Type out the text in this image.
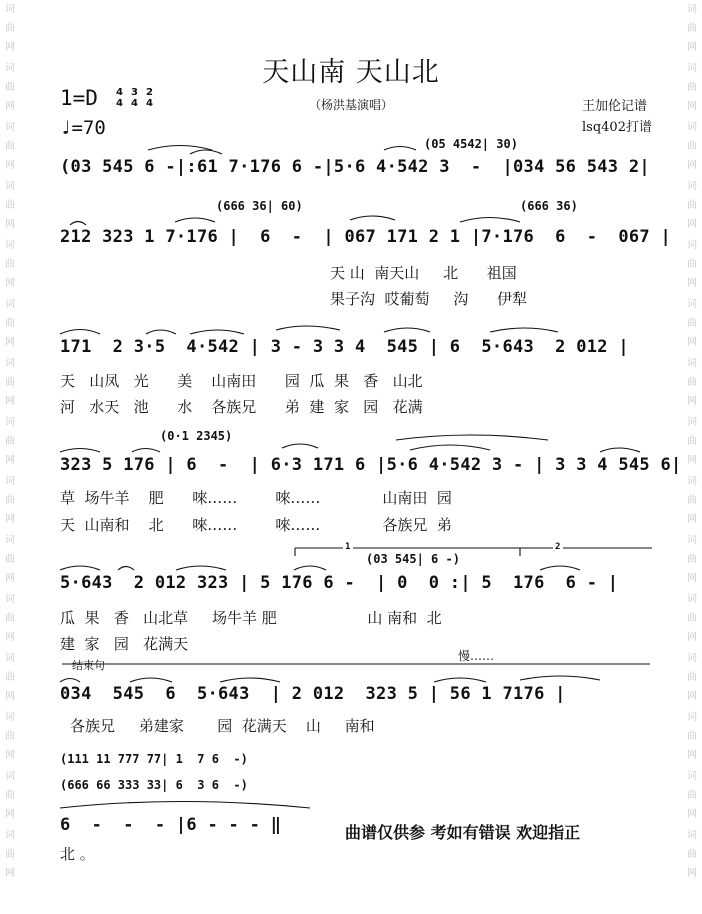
词
曲
网
词
曲
网
词
曲
网
词
曲
网
词
曲
网
词
曲
网
词
曲
网
词
曲
网
词
曲
网
词
曲
网
词
曲
网
词
曲
网
词
曲
网
词
曲
网
词
曲
网
词
曲
网
词
曲
网
词
曲
网
词
曲
网
词
曲
网
词
曲
网
词
曲
网
词
曲
网
词
曲
网
词
曲
网
词
曲
网
词
曲
网
词
曲
网
词
曲
网
词
曲
网
天山南 天山北
（杨洪基演唱）
1=D 4
4
3
4
2
4
♩=70
王加伦记谱
lsq402打谱
(05 4542| 30)
(03 545 6 -|:61 7·176 6 -|5·6 4·542 3  -  |034 56 543 2|
(666 36| 60)	(666 36)
212 323 1 7·176 |  6  -  | 067 171 2 1 |7·176  6  -  067 |
天 山  南天山     北      祖国
果子沟  哎葡萄     沟      伊犁
171  2 3·5  4·542 | 3 - 3 3 4  545 | 6  5·643  2 012 |
天   山凤   光      美    山南田      园  瓜  果   香   山北
河   水天   池      水    各族兄      弟  建  家   园   花满
(0·1 2345)
323 5 176 | 6  -  | 6·3 171 6 |5·6 4·542 3 - | 3 3 4 545 6|
草  场牛羊    肥      唻……        唻……             山南田  园
天  山南和    北      唻……        唻……             各族兄  弟
(03 545| 6 -)
1	2
5·643  2 012 323 | 5 176 6 -  | 0  0 :| 5  176  6 - |
瓜  果   香   山北草     场牛羊 肥                   山 南和  北
建  家   园   花满天
结束句
慢……
034  545  6  5·643  | 2 012  323 5 | 56 1 7176 |
各族兄     弟建家       园  花满天    山     南和
(111 11 777 77| 1  7 6  -)
(666 66 333 33| 6  3 6  -)
6  -  -  - |6 - - - ‖
北 。
曲谱仅供参 考如有错误 欢迎指正
